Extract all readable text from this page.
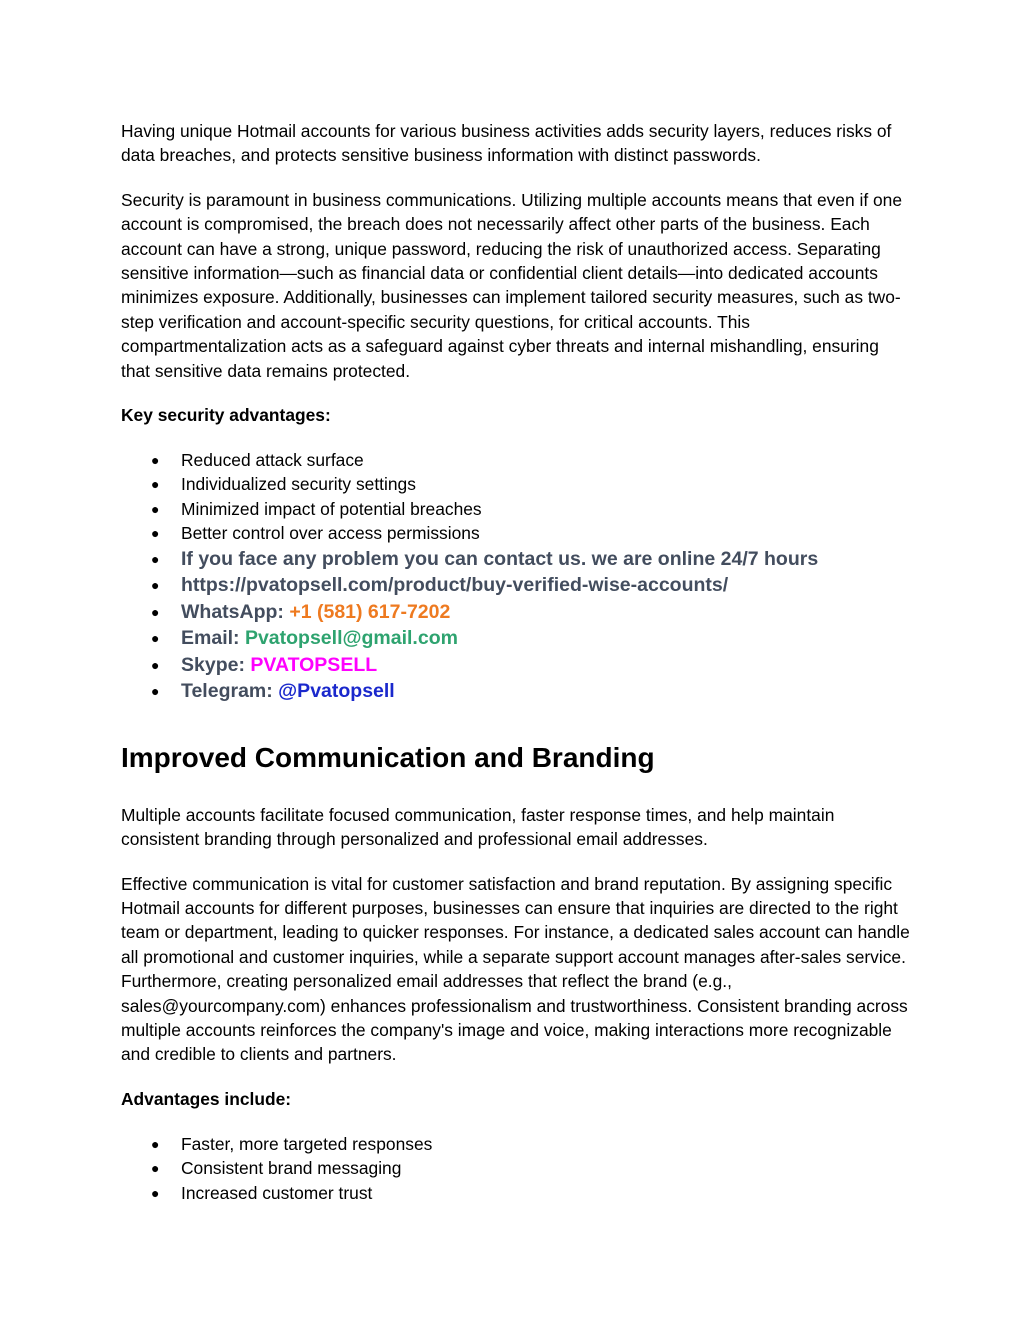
Having unique Hotmail accounts for various business activities adds security layers, reduces risks of data breaches, and protects sensitive business information with distinct passwords.

Security is paramount in business communications. Utilizing multiple accounts means that even if one account is compromised, the breach does not necessarily affect other parts of the business. Each account can have a strong, unique password, reducing the risk of unauthorized access. Separating sensitive information—such as financial data or confidential client details—into dedicated accounts minimizes exposure. Additionally, businesses can implement tailored security measures, such as two-step verification and account-specific security questions, for critical accounts. This compartmentalization acts as a safeguard against cyber threats and internal mishandling, ensuring that sensitive data remains protected.

Key security advantages:

● Reduced attack surface
● Individualized security settings
● Minimized impact of potential breaches
● Better control over access permissions
● If you face any problem you can contact us. we are online 24/7 hours
● https://pvatopsell.com/product/buy-verified-wise-accounts/
● WhatsApp: +1 (581) 617-7202
● Email: Pvatopsell@gmail.com
● Skype: PVATOPSELL
● Telegram: @Pvatopsell
Improved Communication and Branding

Multiple accounts facilitate focused communication, faster response times, and help maintain consistent branding through personalized and professional email addresses.

Effective communication is vital for customer satisfaction and brand reputation. By assigning specific Hotmail accounts for different purposes, businesses can ensure that inquiries are directed to the right team or department, leading to quicker responses. For instance, a dedicated sales account can handle all promotional and customer inquiries, while a separate support account manages after-sales service. Furthermore, creating personalized email addresses that reflect the brand (e.g., sales@yourcompany.com) enhances professionalism and trustworthiness. Consistent branding across multiple accounts reinforces the company's image and voice, making interactions more recognizable and credible to clients and partners.

Advantages include:

● Faster, more targeted responses
● Consistent brand messaging
● Increased customer trust
